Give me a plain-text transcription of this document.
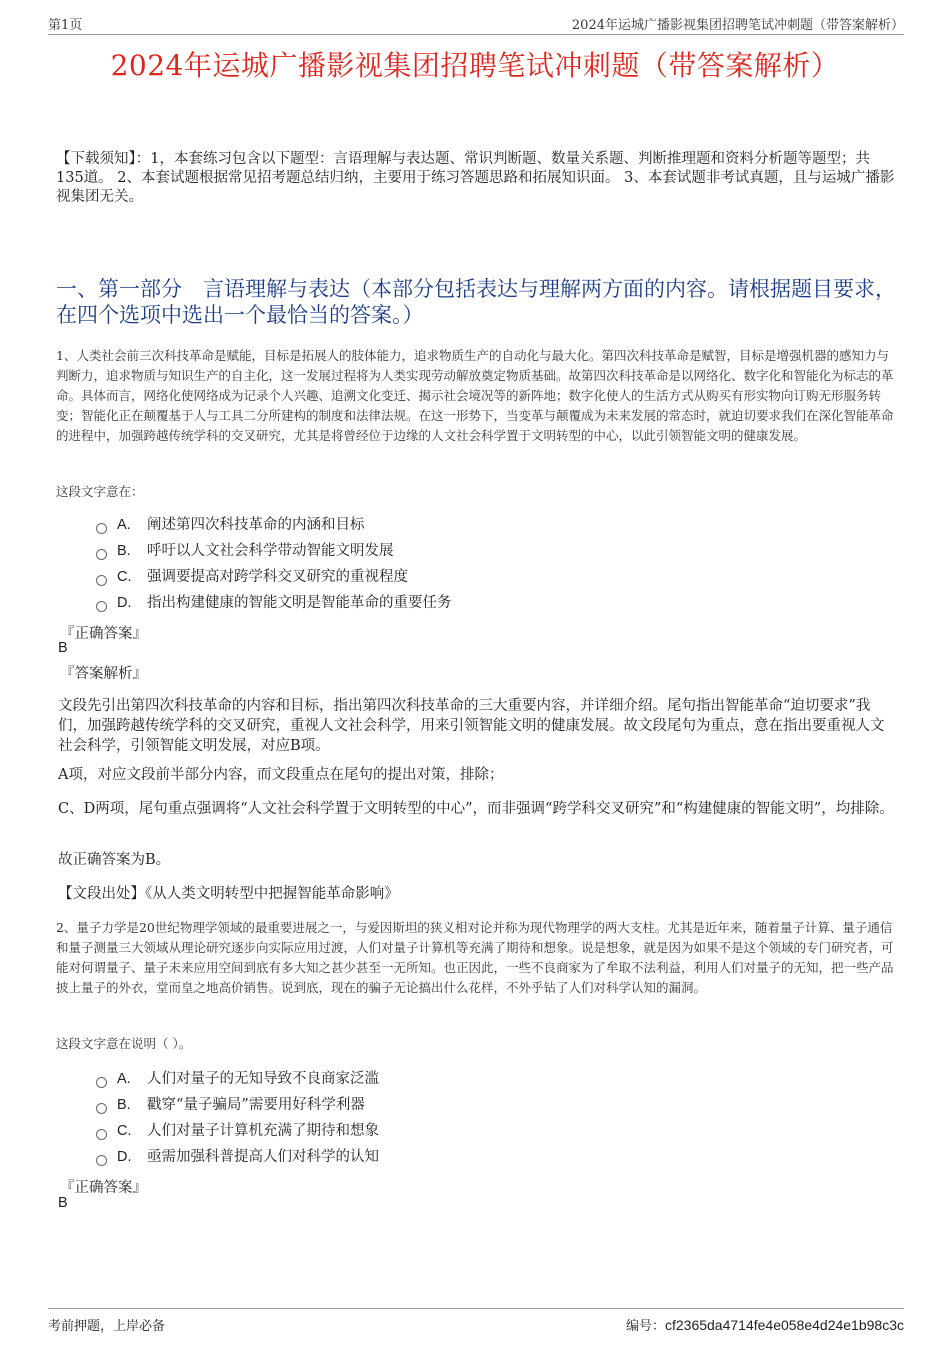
第1页	2024年运城广播影视集团招聘笔试冲刺题（带答案解析）
2024年运城广播影视集团招聘笔试冲刺题（带答案解析）
【下载须知】：1，本套练习包含以下题型：言语理解与表达题、常识判断题、数量关系题、判断推理题和资料分析题等题型；共135道。 2、本套试题根据常见招考题总结归纳，主要用于练习答题思路和拓展知识面。 3、本套试题非考试真题，且与运城广播影视集团无关。
一、第一部分　言语理解与表达（本部分包括表达与理解两方面的内容。请根据题目要求，在四个选项中选出一个最恰当的答案。）
1、人类社会前三次科技革命是赋能，目标是拓展人的肢体能力，追求物质生产的自动化与最大化。第四次科技革命是赋智，目标是增强机器的感知力与判断力，追求物质与知识生产的自主化，这一发展过程将为人类实现劳动解放奠定物质基础。故第四次科技革命是以网络化、数字化和智能化为标志的革命。具体而言，网络化使网络成为记录个人兴趣、追溯文化变迁、揭示社会境况等的新阵地；数字化使人的生活方式从购买有形实物向订购无形服务转变；智能化正在颠覆基于人与工具二分所建构的制度和法律法规。在这一形势下，当变革与颠覆成为未来发展的常态时，就迫切要求我们在深化智能革命的进程中，加强跨越传统学科的交叉研究，尤其是将曾经位于边缘的人文社会科学置于文明转型的中心，以此引领智能文明的健康发展。
这段文字意在：
A.	阐述第四次科技革命的内涵和目标
B.	呼吁以人文社会科学带动智能文明发展
C.	强调要提高对跨学科交叉研究的重视程度
D.	指出构建健康的智能文明是智能革命的重要任务
『正确答案』
B
『答案解析』
文段先引出第四次科技革命的内容和目标，指出第四次科技革命的三大重要内容，并详细介绍。尾句指出智能革命“迫切要求”我们，加强跨越传统学科的交叉研究，重视人文社会科学，用来引领智能文明的健康发展。故文段尾句为重点，意在指出要重视人文社会科学，引领智能文明发展，对应B项。
A项，对应文段前半部分内容，而文段重点在尾句的提出对策，排除；
C、D两项，尾句重点强调将“人文社会科学置于文明转型的中心”，而非强调“跨学科交叉研究”和“构建健康的智能文明”，均排除。
故正确答案为B。
【文段出处】《从人类文明转型中把握智能革命影响》
2、量子力学是20世纪物理学领域的最重要进展之一，与爱因斯坦的狭义相对论并称为现代物理学的两大支柱。尤其是近年来，随着量子计算、量子通信和量子测量三大领域从理论研究逐步向实际应用过渡，人们对量子计算机等充满了期待和想象。说是想象，就是因为如果不是这个领域的专门研究者，可能对何谓量子、量子未来应用空间到底有多大知之甚少甚至一无所知。也正因此，一些不良商家为了牟取不法利益，利用人们对量子的无知，把一些产品披上量子的外衣，堂而皇之地高价销售。说到底，现在的骗子无论搞出什么花样，不外乎钻了人们对科学认知的漏洞。
这段文字意在说明（ ）。
A.	人们对量子的无知导致不良商家泛滥
B.	戳穿“量子骗局”需要用好科学利器
C.	人们对量子计算机充满了期待和想象
D.	亟需加强科普提高人们对科学的认知
『正确答案』
B
考前押题，上岸必备	编号：cf2365da4714fe4e058e4d24e1b98c3c
